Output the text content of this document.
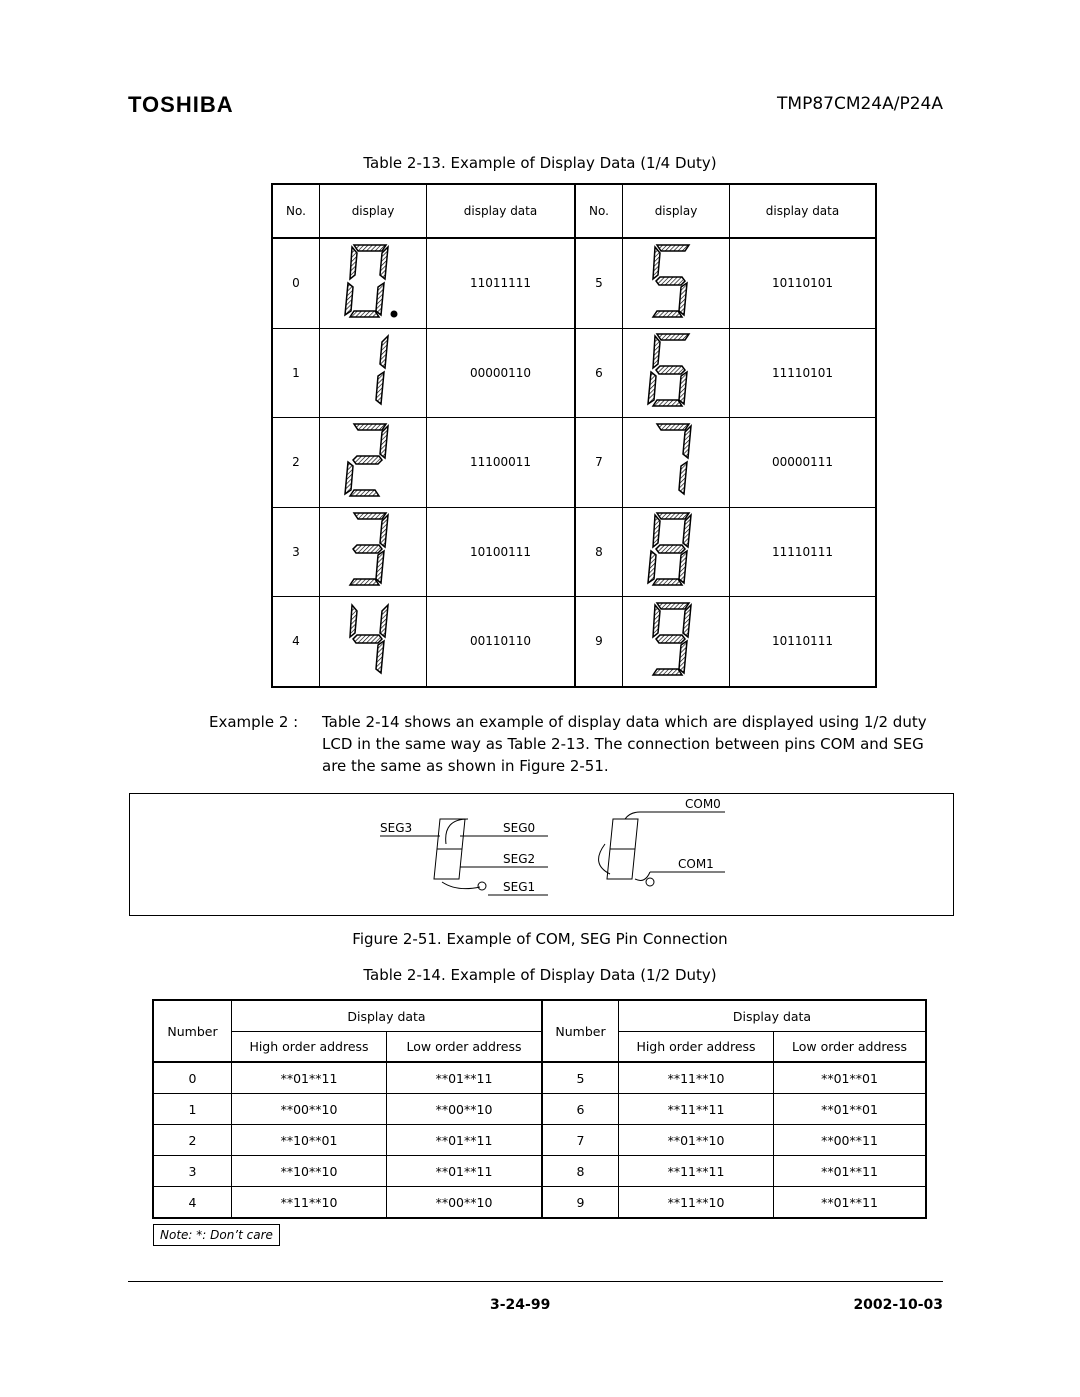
TOSHIBA	TMP87CM24A/P24A
Table 2-13. Example of Display Data (1/4 Duty)
No.	display	display data	No.	display	display data
0		11011111	5		10110101
1		00000110	6		11110101
2		11100011	7		00000111
3		10100111	8		11110111
4		00110110	9		10110111
Example 2 : Table 2-14 shows an example of display data which are displayed using 1/2 duty LCD in the same way as Table 2-13. The connection between pins COM and SEG are the same as shown in Figure 2-51.
SEG3	SEG0
SEG2
SEG1
COM0
COM1
Figure 2-51. Example of COM, SEG Pin Connection
Table 2-14. Example of Display Data (1/2 Duty)
Number	Display data		Number	Display data	
	High order address	Low order address		High order address	Low order address
0	**01**11	**01**11	5	**11**10	**01**01
1	**00**10	**00**10	6	**11**11	**01**01
2	**10**01	**01**11	7	**01**10	**00**11
3	**10**10	**01**11	8	**11**11	**01**11
4	**11**10	**00**10	9	**11**10	**01**11
Note: *: Don’t care
3-24-99	2002-10-03
